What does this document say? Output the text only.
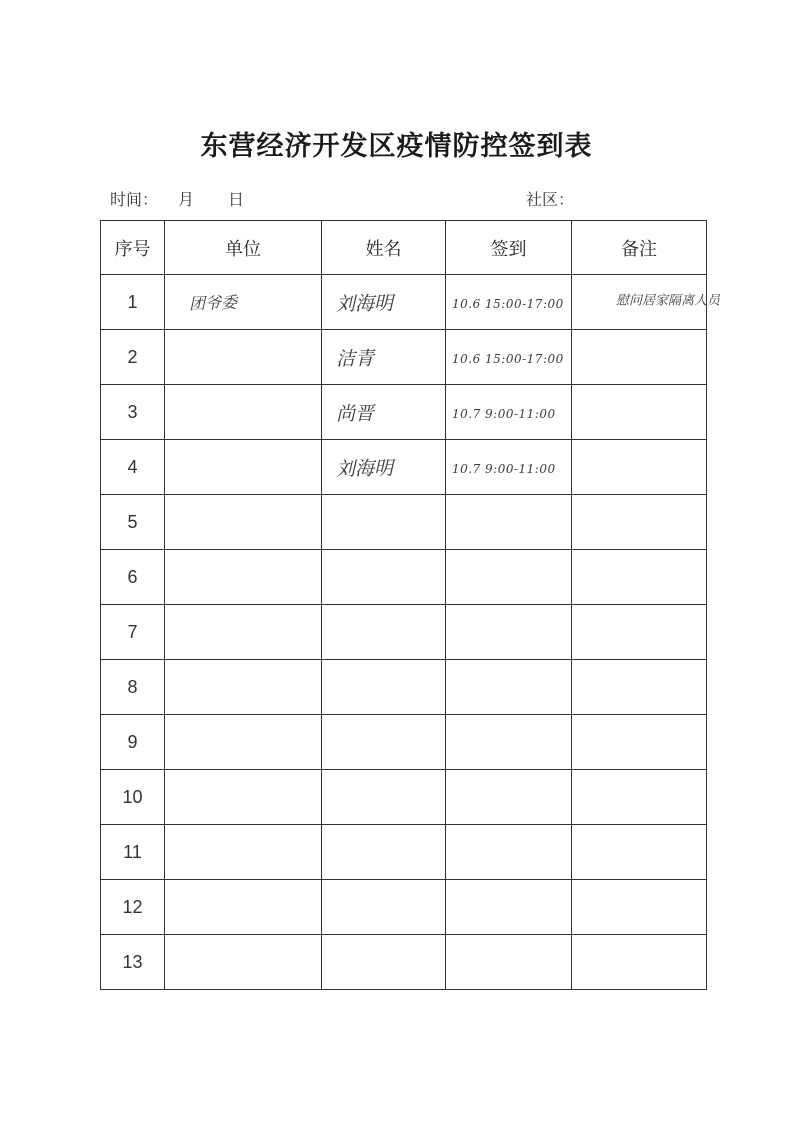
东营经济开发区疫情防控签到表
时间： 月 日	社区：
序号	单位	姓名	签到	备注
1	团爷委	刘海明	10.6 15:00-17:00	慰问居家隔离人员

2		洁青	10.6 15:00-17:00	

3		尚晋	10.7 9:00-11:00	

4		刘海明	10.7 9:00-11:00	

5				

6				

7				

8				

9				

10				

11				

12				

13				
